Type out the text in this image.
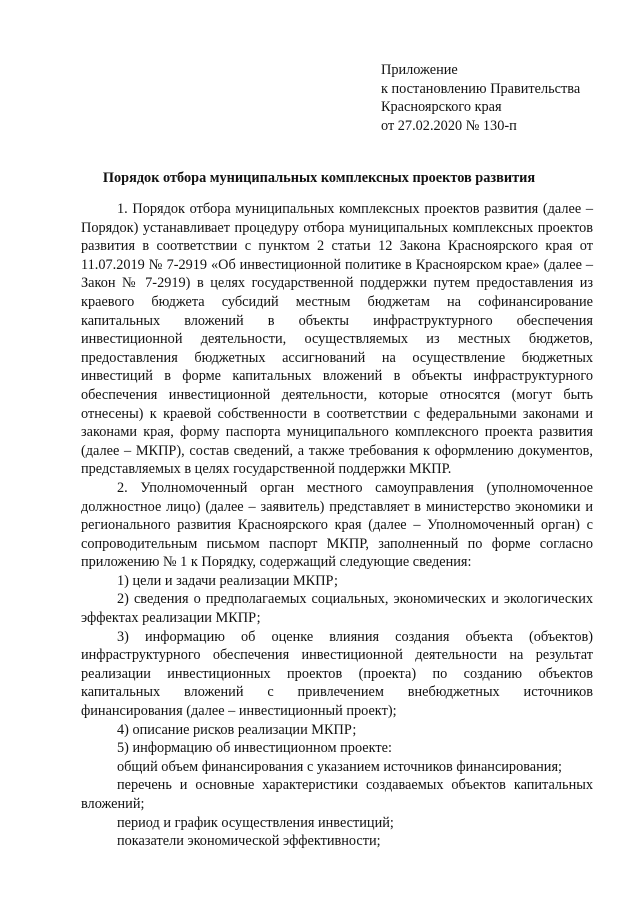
Приложение
к постановлению Правительства
Красноярского края
от 27.02.2020 № 130-п
Порядок отбора муниципальных комплексных проектов развития

1. Порядок отбора муниципальных комплексных проектов развития (далее – Порядок) устанавливает процедуру отбора муниципальных комплексных проектов развития в соответствии с пунктом 2 статьи 12 Закона Красноярского края от 11.07.2019 № 7-2919 «Об инвестиционной политике в Красноярском крае» (далее – Закон № 7-2919) в целях государственной поддержки путем предоставления из краевого бюджета субсидий местным бюджетам на софинансирование капитальных вложений в объекты инфраструктурного обеспечения инвестиционной деятельности, осуществляемых из местных бюджетов, предоставления бюджетных ассигнований на осуществление бюджетных инвестиций в форме капитальных вложений в объекты инфраструктурного обеспечения инвестиционной деятельности, которые относятся (могут быть отнесены) к краевой собственности в соответствии с федеральными законами и законами края, форму паспорта муниципального комплексного проекта развития (далее – МКПР), состав сведений, а также требования к оформлению документов, представляемых в целях государственной поддержки МКПР.

2. Уполномоченный орган местного самоуправления (уполномоченное должностное лицо) (далее – заявитель) представляет в министерство экономики и регионального развития Красноярского края (далее – Уполномоченный орган) с сопроводительным письмом паспорт МКПР, заполненный по форме согласно приложению № 1 к Порядку, содержащий следующие сведения:

1) цели и задачи реализации МКПР;

2) сведения о предполагаемых социальных, экономических и экологических эффектах реализации МКПР;

3) информацию об оценке влияния создания объекта (объектов) инфраструктурного обеспечения инвестиционной деятельности на результат реализации инвестиционных проектов (проекта) по созданию объектов капитальных вложений с привлечением внебюджетных источников финансирования (далее – инвестиционный проект);

4) описание рисков реализации МКПР;

5) информацию об инвестиционном проекте:

общий объем финансирования с указанием источников финансирования;

перечень и основные характеристики создаваемых объектов капитальных вложений;

период и график осуществления инвестиций;

показатели экономической эффективности;
